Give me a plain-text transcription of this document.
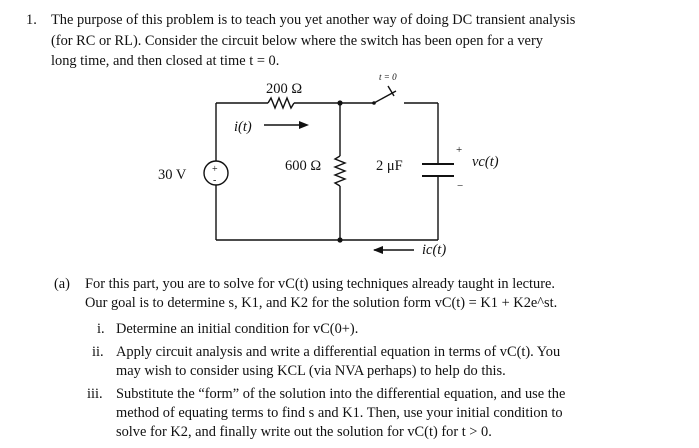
1. The purpose of this problem is to teach you yet another way of doing DC transient analysis
(for RC or RL). Consider the circuit below where the switch has been open for a very
long time, and then closed at time t = 0.
30 V	+
-
200 Ω
i(t)
600 Ω	2 μF
t = 0
+
−
vc(t)
ic(t)
(a) For this part, you are to solve for vC(t) using techniques already taught in lecture.
Our goal is to determine s, K1, and K2 for the solution form vC(t) = K1 + K2e^st.
i. Determine an initial condition for vC(0+).
ii. Apply circuit analysis and write a differential equation in terms of vC(t). You
may wish to consider using KCL (via NVA perhaps) to help do this.
iii. Substitute the “form” of the solution into the differential equation, and use the
method of equating terms to find s and K1. Then, use your initial condition to
solve for K2, and finally write out the solution for vC(t) for t > 0.
